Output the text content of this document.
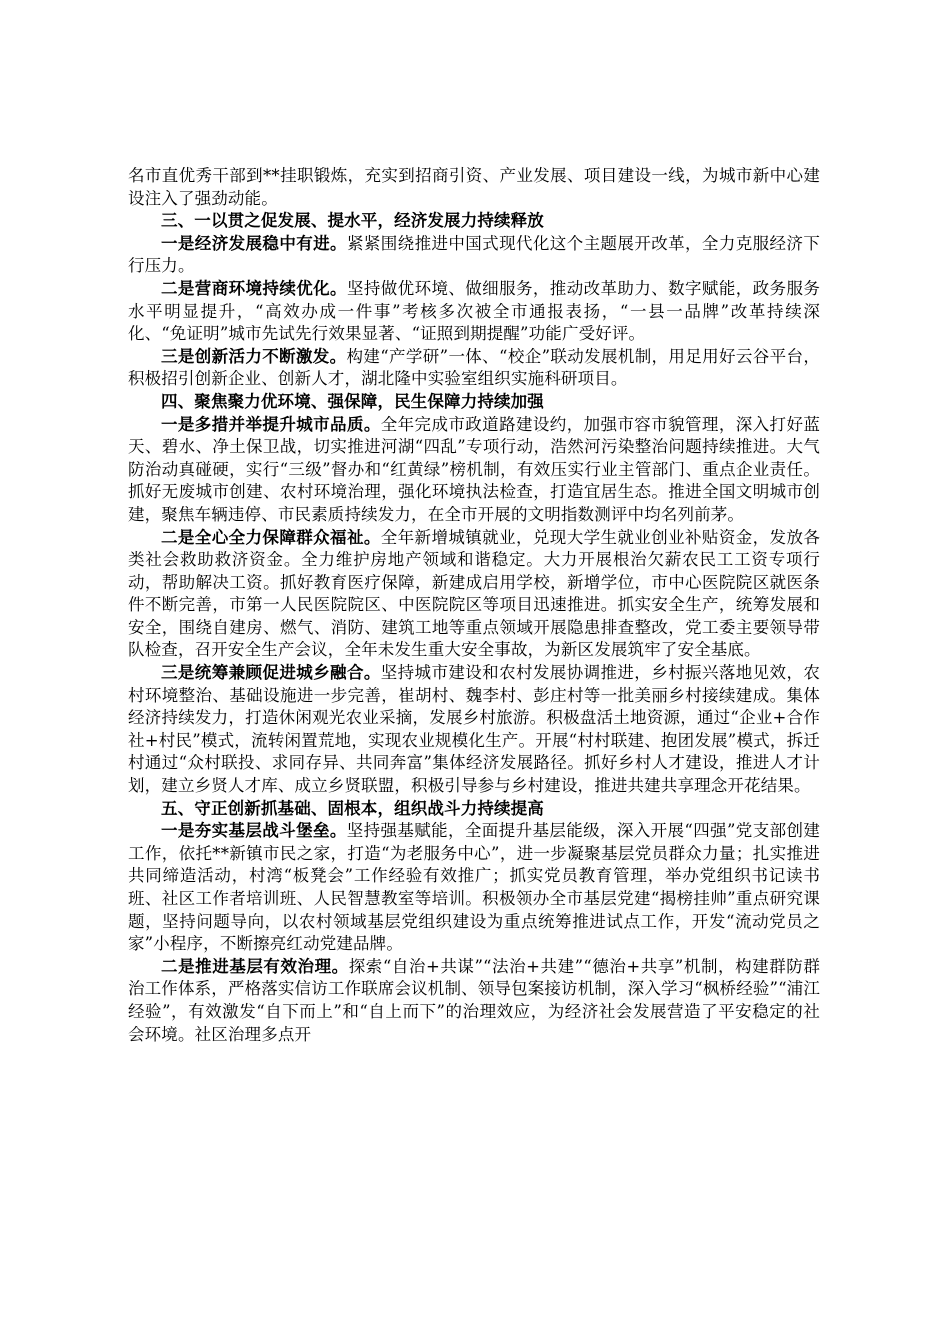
名市直优秀干部到**挂职锻炼，充实到招商引资、产业发展、项目建设一线，为城市新中心建设注入了强劲动能。

三、一以贯之促发展、提水平，经济发展力持续释放

一是经济发展稳中有进。紧紧围绕推进中国式现代化这个主题展开改革，全力克服经济下行压力。

二是营商环境持续优化。坚持做优环境、做细服务，推动改革助力、数字赋能，政务服务水平明显提升，“高效办成一件事”考核多次被全市通报表扬，“一县一品牌”改革持续深化、“免证明”城市先试先行效果显著、“证照到期提醒”功能广受好评。

三是创新活力不断激发。构建“产学研”一体、“校企”联动发展机制，用足用好云谷平台，积极招引创新企业、创新人才，湖北隆中实验室组织实施科研项目。

四、聚焦聚力优环境、强保障，民生保障力持续加强

一是多措并举提升城市品质。全年完成市政道路建设约，加强市容市貌管理，深入打好蓝天、碧水、净土保卫战，切实推进河湖“四乱”专项行动，浩然河污染整治问题持续推进。大气防治动真碰硬，实行“三级”督办和“红黄绿”榜机制，有效压实行业主管部门、重点企业责任。抓好无废城市创建、农村环境治理，强化环境执法检查，打造宜居生态。推进全国文明城市创建，聚焦车辆违停、市民素质持续发力，在全市开展的文明指数测评中均名列前茅。

二是全心全力保障群众福祉。全年新增城镇就业，兑现大学生就业创业补贴资金，发放各类社会救助救济资金。全力维护房地产领域和谐稳定。大力开展根治欠薪农民工工资专项行动，帮助解决工资。抓好教育医疗保障，新建成启用学校，新增学位，市中心医院院区就医条件不断完善，市第一人民医院院区、中医院院区等项目迅速推进。抓实安全生产，统筹发展和安全，围绕自建房、燃气、消防、建筑工地等重点领域开展隐患排查整改，党工委主要领导带队检查，召开安全生产会议，全年未发生重大安全事故，为新区发展筑牢了安全基底。

三是统筹兼顾促进城乡融合。坚持城市建设和农村发展协调推进，乡村振兴落地见效，农村环境整治、基础设施进一步完善，崔胡村、魏李村、彭庄村等一批美丽乡村接续建成。集体经济持续发力，打造休闲观光农业采摘，发展乡村旅游。积极盘活土地资源，通过“企业+合作社+村民”模式，流转闲置荒地，实现农业规模化生产。开展“村村联建、抱团发展”模式，拆迁村通过“众村联投、求同存异、共同奔富”集体经济发展路径。抓好乡村人才建设，推进人才计划，建立乡贤人才库、成立乡贤联盟，积极引导参与乡村建设，推进共建共享理念开花结果。

五、守正创新抓基础、固根本，组织战斗力持续提高

一是夯实基层战斗堡垒。坚持强基赋能，全面提升基层能级，深入开展“四强”党支部创建工作，依托**新镇市民之家，打造“为老服务中心”，进一步凝聚基层党员群众力量；扎实推进共同缔造活动，村湾“板凳会”工作经验有效推广；抓实党员教育管理，举办党组织书记读书班、社区工作者培训班、人民智慧教室等培训。积极领办全市基层党建“揭榜挂帅”重点研究课题，坚持问题导向，以农村领域基层党组织建设为重点统筹推进试点工作，开发“流动党员之家”小程序，不断擦亮红动党建品牌。

二是推进基层有效治理。探索“自治+共谋”“法治+共建”“德治+共享”机制，构建群防群治工作体系，严格落实信访工作联席会议机制、领导包案接访机制，深入学习“枫桥经验”“浦江经验”，有效激发“自下而上”和“自上而下”的治理效应，为经济社会发展营造了平安稳定的社会环境。社区治理多点开
